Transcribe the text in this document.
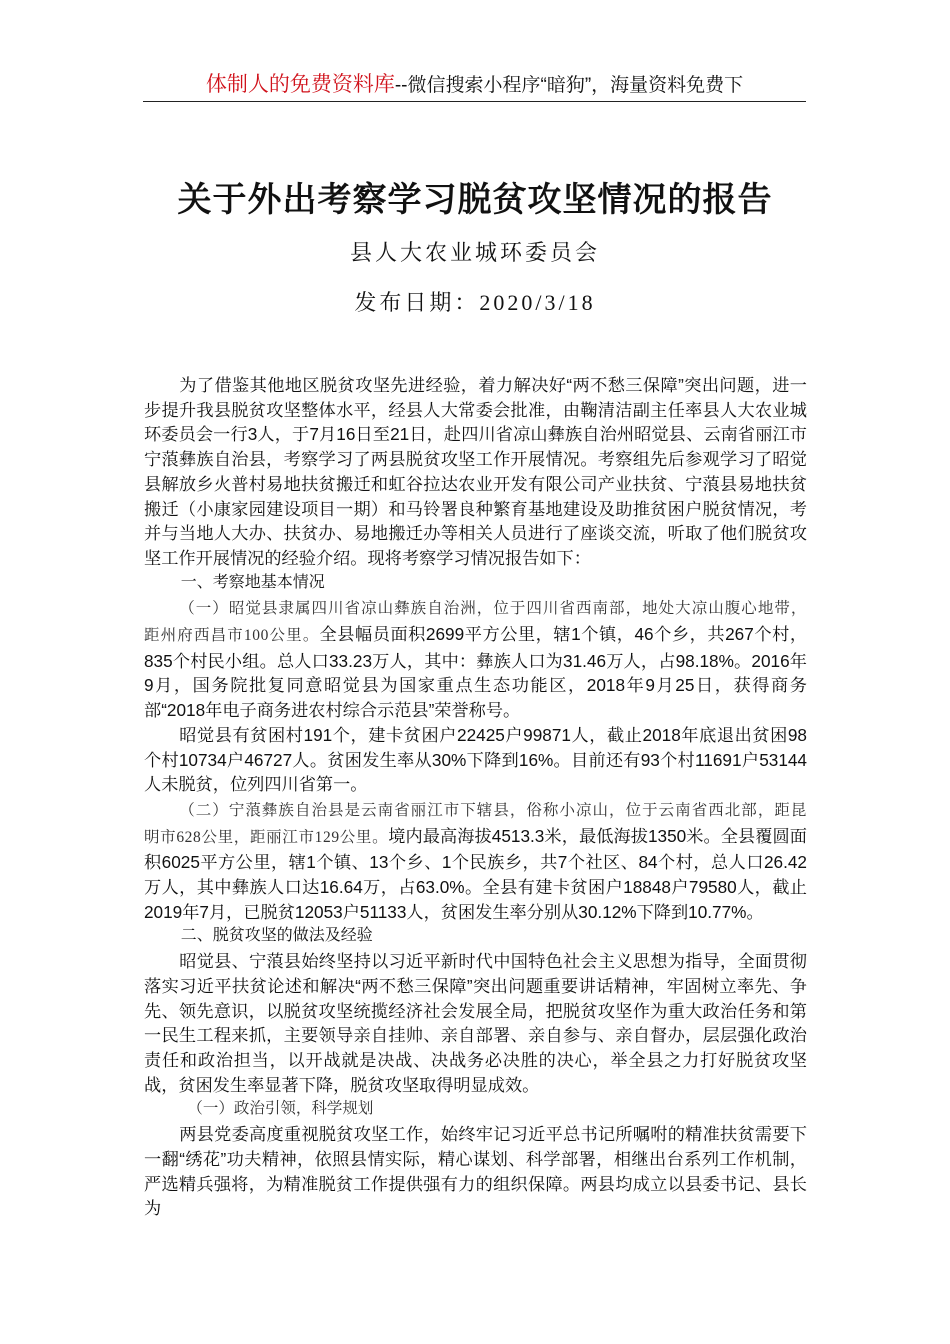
体制人的免费资料库--微信搜索小程序“暗狗”，海量资料免费下
关于外出考察学习脱贫攻坚情况的报告
县人大农业城环委员会
发布日期：2020/3/18

为了借鉴其他地区脱贫攻坚先进经验，着力解决好“两不愁三保障”突出问题，进一步提升我县脱贫攻坚整体水平，经县人大常委会批准，由鞠清洁副主任率县人大农业城环委员会一行3人，于7月16日至21日，赴四川省凉山彝族自治州昭觉县、云南省丽江市宁蒗彝族自治县，考察学习了两县脱贫攻坚工作开展情况。考察组先后参观学习了昭觉县解放乡火普村易地扶贫搬迁和虹谷拉达农业开发有限公司产业扶贫、宁蒗县易地扶贫搬迁（小康家园建设项目一期）和马铃署良种繁育基地建设及助推贫困户脱贫情况，考并与当地人大办、扶贫办、易地搬迁办等相关人员进行了座谈交流，听取了他们脱贫攻坚工作开展情况的经验介绍。现将考察学习情况报告如下：

一、考察地基本情况

（一）昭觉县隶属四川省凉山彝族自治洲，位于四川省西南部，地处大凉山腹心地带，距州府西昌市100公里。全县幅员面积2699平方公里，辖1个镇，46个乡，共267个村，835个村民小组。总人口33.23万人，其中：彝族人口为31.46万人，占98.18%。2016年9月，国务院批复同意昭觉县为国家重点生态功能区，2018年9月25日，获得商务部“2018年电子商务进农村综合示范县”荣誉称号。

昭觉县有贫困村191个，建卡贫困户22425户99871人，截止2018年底退出贫困98个村10734户46727人。贫困发生率从30%下降到16%。目前还有93个村11691户53144人未脱贫，位列四川省第一。

（二）宁蒗彝族自治县是云南省丽江市下辖县，俗称小凉山，位于云南省西北部，距昆明市628公里，距丽江市129公里。境内最高海拔4513.3米，最低海拔1350米。全县覆圆面积6025平方公里，辖1个镇、13个乡、1个民族乡，共7个社区、84个村，总人口26.42万人，其中彝族人口达16.64万，占63.0%。全县有建卡贫困户18848户79580人，截止2019年7月，已脱贫12053户51133人，贫困发生率分别从30.12%下降到10.77%。

二、脱贫攻坚的做法及经验

昭觉县、宁蒗县始终坚持以习近平新时代中国特色社会主义思想为指导，全面贯彻落实习近平扶贫论述和解决“两不愁三保障”突出问题重要讲话精神，牢固树立率先、争先、领先意识，以脱贫攻坚统揽经济社会发展全局，把脱贫攻坚作为重大政治任务和第一民生工程来抓，主要领导亲自挂帅、亲自部署、亲自参与、亲自督办，层层强化政治责任和政治担当，以开战就是决战、决战务必决胜的决心，举全县之力打好脱贫攻坚战，贫困发生率显著下降，脱贫攻坚取得明显成效。

（一）政治引领，科学规划

两县党委高度重视脱贫攻坚工作，始终牢记习近平总书记所嘱咐的精准扶贫需要下一翻“绣花”功夫精神，依照县情实际，精心谋划、科学部署，相继出台系列工作机制，严选精兵强将，为精准脱贫工作提供强有力的组织保障。两县均成立以县委书记、县长为
